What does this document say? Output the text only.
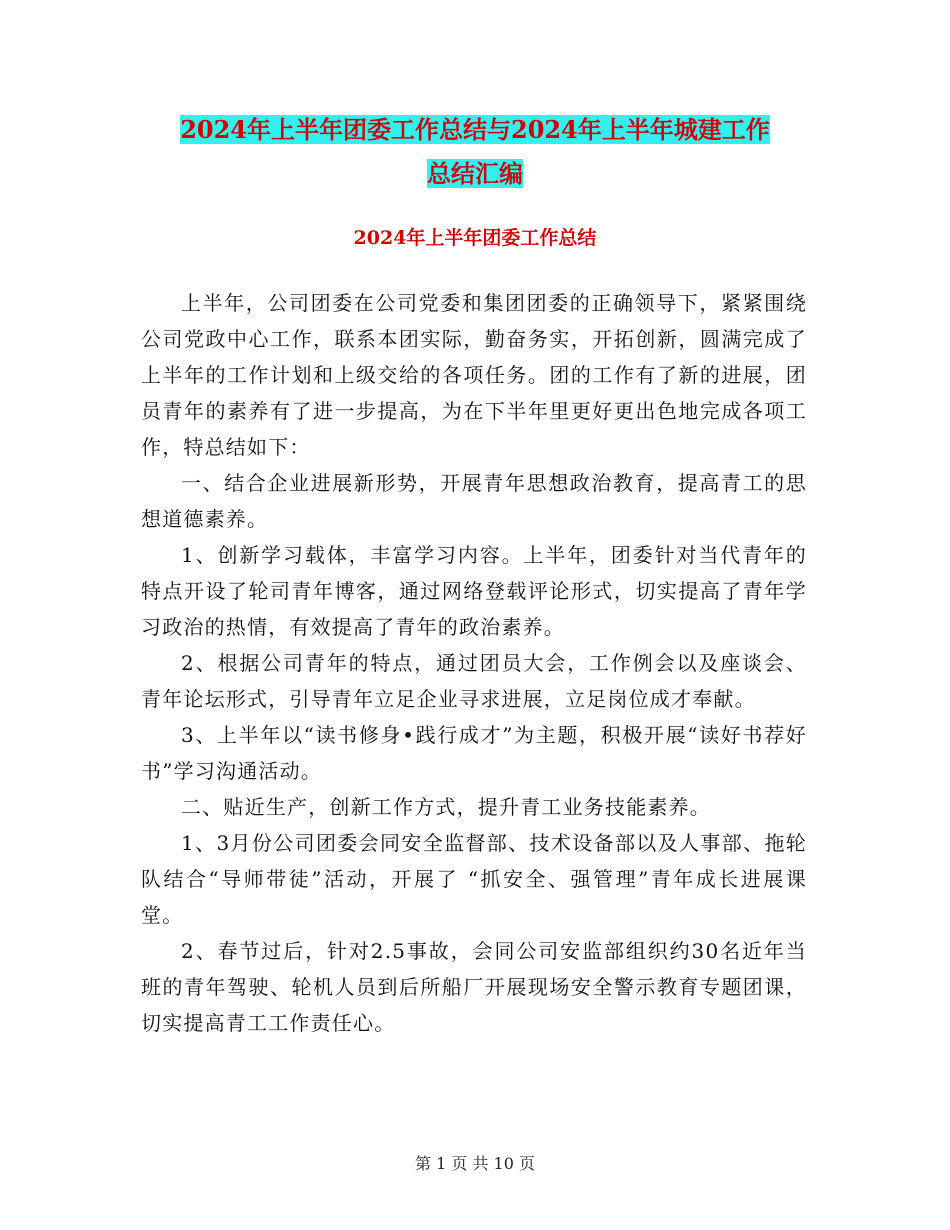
2024年上半年团委工作总结与2024年上半年城建工作
总结汇编
2024年上半年团委工作总结

上半年，公司团委在公司党委和集团团委的正确领导下，紧紧围绕公司党政中心工作，联系本团实际，勤奋务实，开拓创新，圆满完成了上半年的工作计划和上级交给的各项任务。团的工作有了新的进展，团员青年的素养有了进一步提高，为在下半年里更好更出色地完成各项工作，特总结如下：

一、结合企业进展新形势，开展青年思想政治教育，提高青工的思想道德素养。

1、创新学习载体，丰富学习内容。上半年，团委针对当代青年的特点开设了轮司青年博客，通过网络登载评论形式，切实提高了青年学习政治的热情，有效提高了青年的政治素养。

2、根据公司青年的特点，通过团员大会，工作例会以及座谈会、青年论坛形式，引导青年立足企业寻求进展，立足岗位成才奉献。

3、上半年以“读书修身•践行成才”为主题，积极开展“读好书荐好书”学习沟通活动。

二、贴近生产，创新工作方式，提升青工业务技能素养。

1、3月份公司团委会同安全监督部、技术设备部以及人事部、拖轮队结合“导师带徒”活动，开展了 “抓安全、强管理”青年成长进展课堂。

2、春节过后，针对2.5事故，会同公司安监部组织约30名近年当班的青年驾驶、轮机人员到后所船厂开展现场安全警示教育专题团课，切实提高青工工作责任心。

第 1 页 共 10 页
